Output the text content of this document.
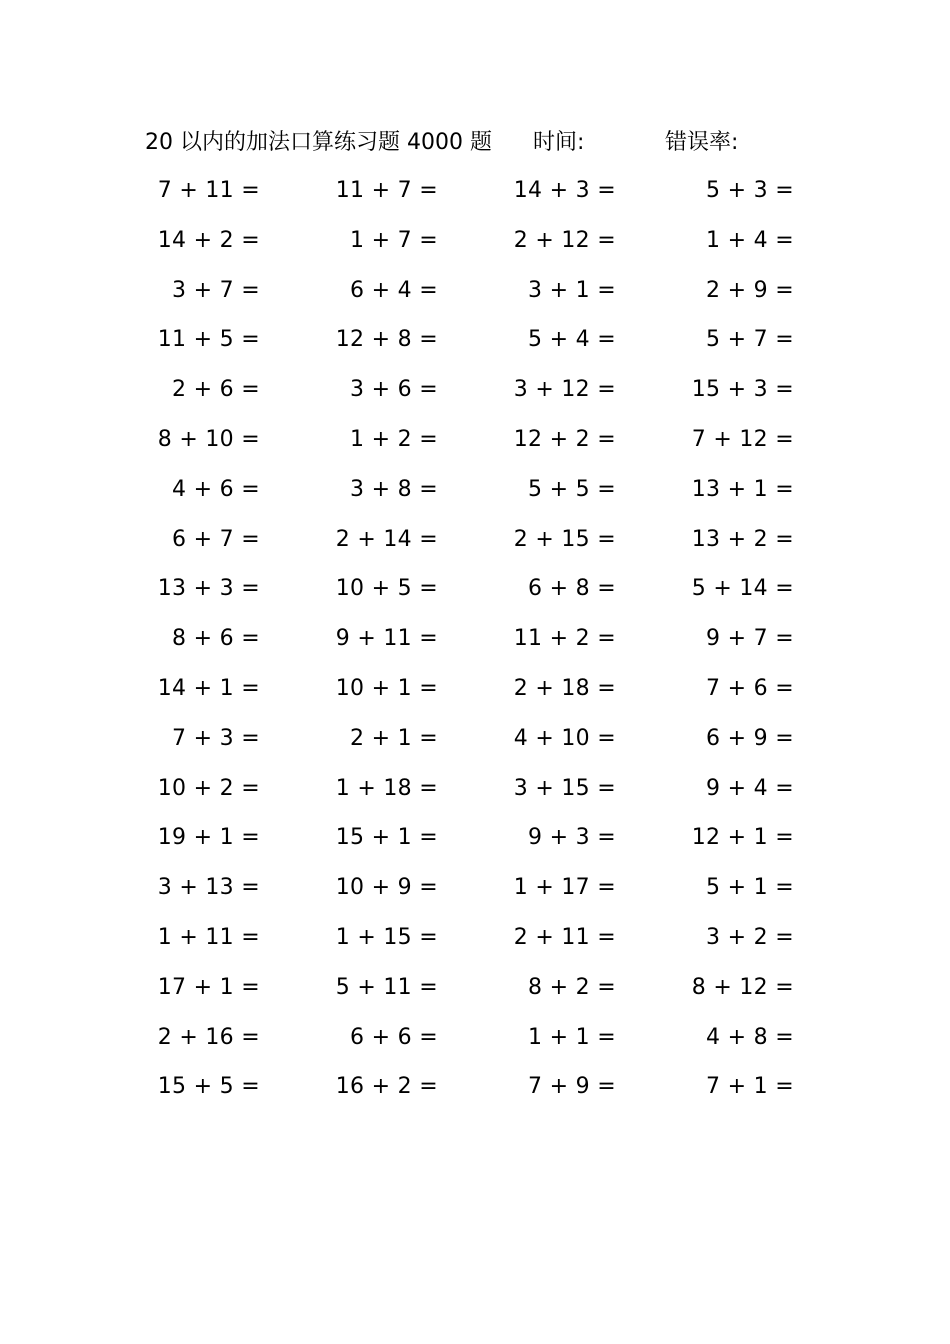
20 以内的加法口算练习题 4000 题 时间:	错误率:
7 + 11 =	11 + 7 =	14 + 3 =	5 + 3 =
14 + 2 =	1 + 7 =	2 + 12 =	1 + 4 =
3 + 7 =	6 + 4 =	3 + 1 =	2 + 9 =
11 + 5 =	12 + 8 =	5 + 4 =	5 + 7 =
2 + 6 =	3 + 6 =	3 + 12 =	15 + 3 =
8 + 10 =	1 + 2 =	12 + 2 =	7 + 12 =
4 + 6 =	3 + 8 =	5 + 5 =	13 + 1 =
6 + 7 =	2 + 14 =	2 + 15 =	13 + 2 =
13 + 3 =	10 + 5 =	6 + 8 =	5 + 14 =
8 + 6 =	9 + 11 =	11 + 2 =	9 + 7 =
14 + 1 =	10 + 1 =	2 + 18 =	7 + 6 =
7 + 3 =	2 + 1 =	4 + 10 =	6 + 9 =
10 + 2 =	1 + 18 =	3 + 15 =	9 + 4 =
19 + 1 =	15 + 1 =	9 + 3 =	12 + 1 =
3 + 13 =	10 + 9 =	1 + 17 =	5 + 1 =
1 + 11 =	1 + 15 =	2 + 11 =	3 + 2 =
17 + 1 =	5 + 11 =	8 + 2 =	8 + 12 =
2 + 16 =	6 + 6 =	1 + 1 =	4 + 8 =
15 + 5 =	16 + 2 =	7 + 9 =	7 + 1 =
